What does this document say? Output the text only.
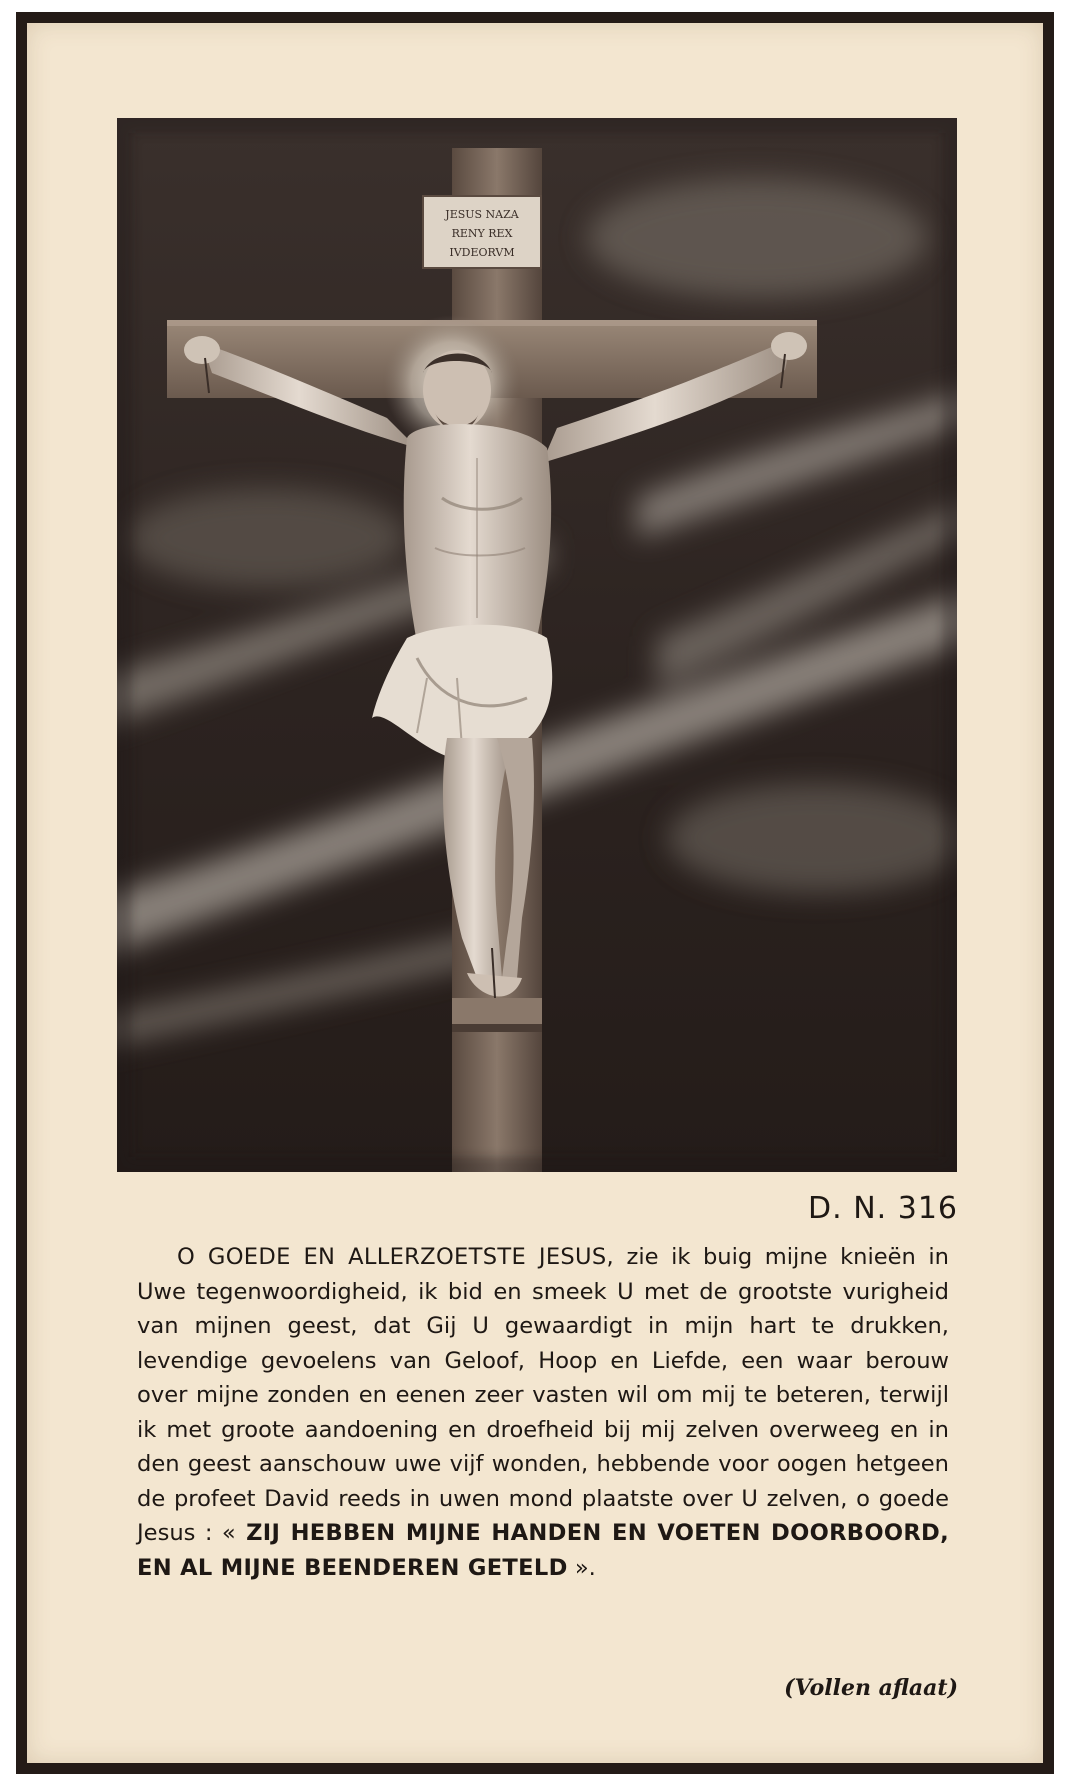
JESUS NAZA
RENY REX
IVDEORVM
D. N. 316

O GOEDE EN ALLERZOETSTE JESUS, zie ik buig mijne knieën in Uwe tegenwoordigheid, ik bid en smeek U met de grootste vurigheid van mijnen geest, dat Gij U gewaardigt in mijn hart te drukken, levendige gevoelens van Geloof, Hoop en Liefde, een waar berouw over mijne zonden en eenen zeer vasten wil om mij te beteren, terwijl ik met groote aandoening en droefheid bij mij zelven overweeg en in den geest aanschouw uwe vijf wonden, hebbende voor oogen hetgeen de profeet David reeds in uwen mond plaatste over U zelven, o goede Jesus : « ZIJ HEBBEN MIJNE HANDEN EN VOETEN DOORBOORD, EN AL MIJNE BEENDEREN GETELD ».

(Vollen aflaat)
